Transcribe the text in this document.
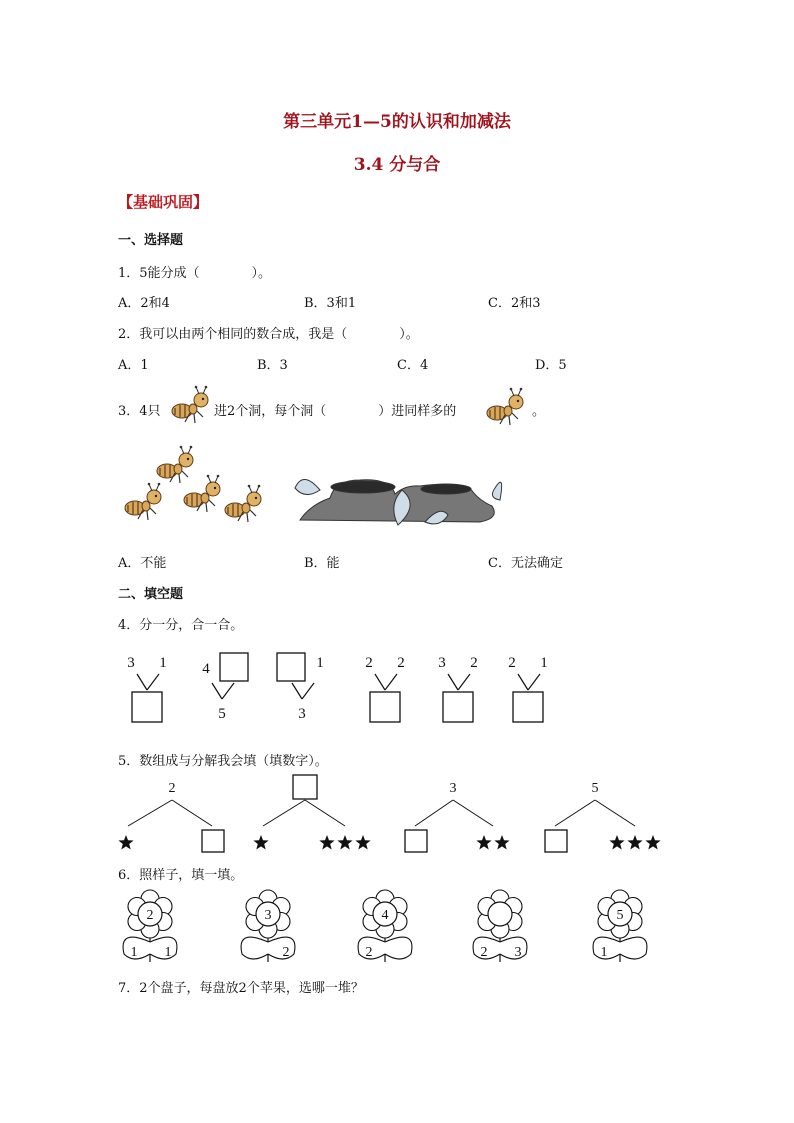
第三单元1—5的认识和加减法
3.4 分与合
【基础巩固】
一、选择题
1．5能分成（　　　　）。
A．2和4	B．3和1	C．2和3
2．我可以由两个相同的数合成，我是（　　　　）。
A．1	B．3	C．4	D．5
3．4只	进2个洞，每个洞（　　　　）进同样多的	。
3 1 4
5
1
3
2 2 3 2 2 1
2	3	5
2
1 1
3
2
4
2	2 3
5
1
A．不能	B．能	C．无法确定
二、填空题
4．分一分，合一合。
5．数组成与分解我会填（填数字）。
6．照样子，填一填。
7．2个盘子，每盘放2个苹果，选哪一堆？
